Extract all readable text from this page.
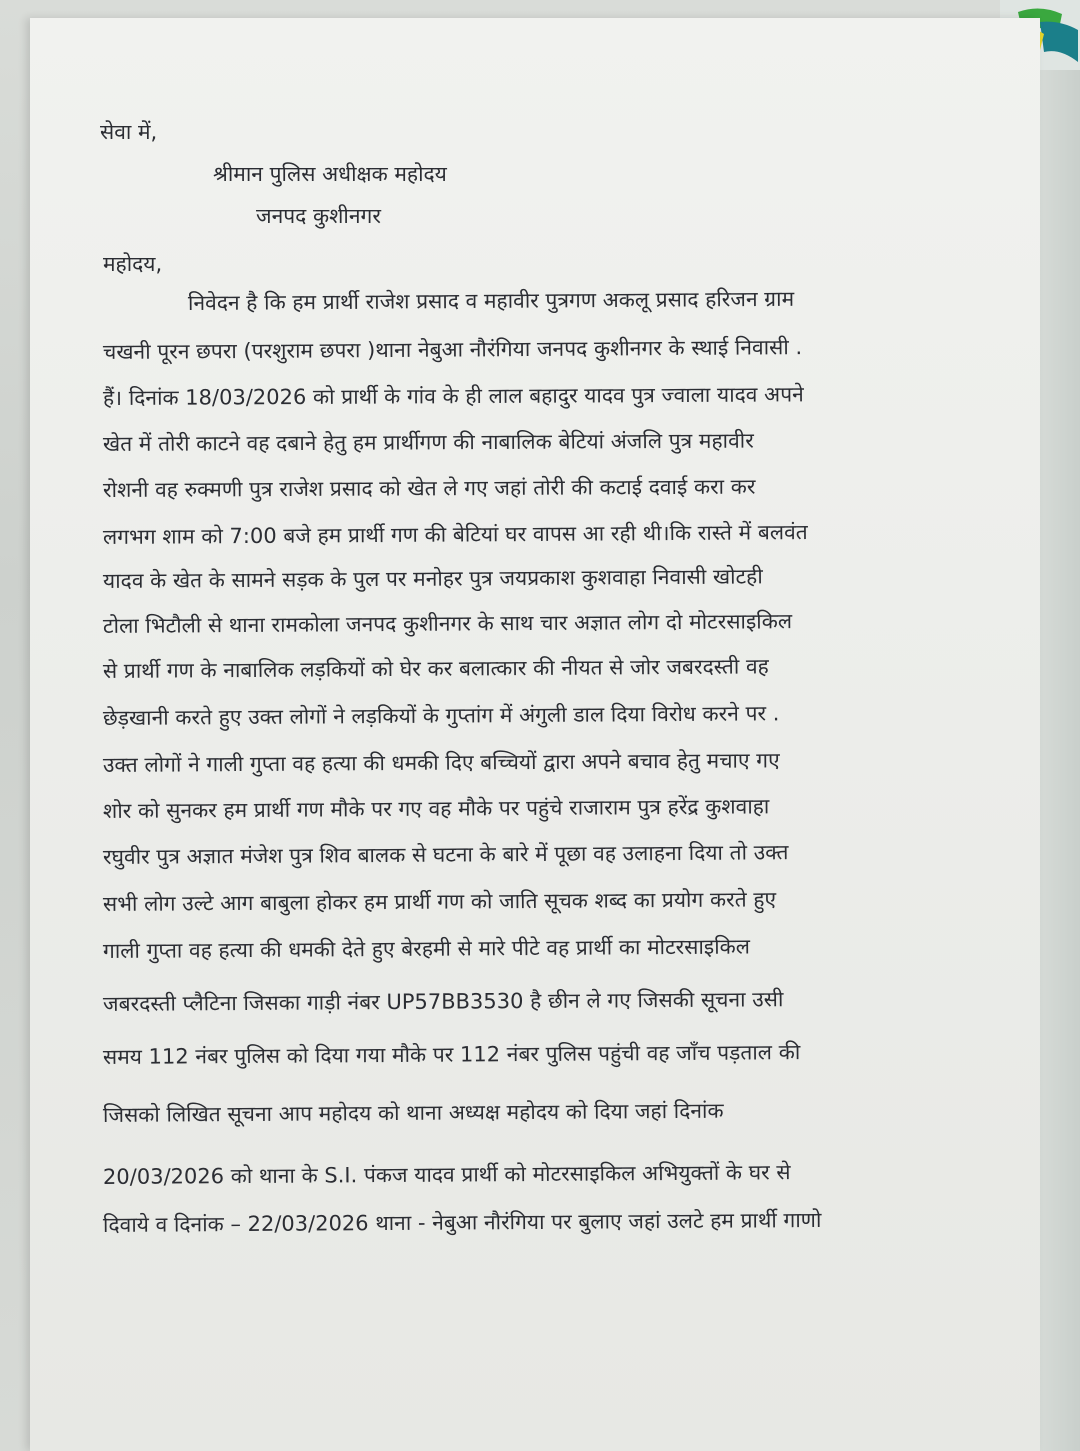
सेवा में,
श्रीमान पुलिस अधीक्षक महोदय
जनपद कुशीनगर
महोदय,
निवेदन है कि हम प्रार्थी राजेश प्रसाद व महावीर पुत्रगण अकलू प्रसाद हरिजन ग्राम
चखनी पूरन छपरा (परशुराम छपरा )थाना नेबुआ नौरंगिया जनपद कुशीनगर के स्थाई निवासी .
हैं। दिनांक 18/03/2026 को प्रार्थी के गांव के ही लाल बहादुर यादव पुत्र ज्वाला यादव अपने
खेत में तोरी काटने वह दबाने हेतु हम प्रार्थीगण की नाबालिक बेटियां अंजलि पुत्र महावीर
रोशनी वह रुक्मणी पुत्र राजेश प्रसाद को खेत ले गए जहां तोरी की कटाई दवाई करा कर
लगभग शाम को 7:00 बजे हम प्रार्थी गण की बेटियां घर वापस आ रही थी।कि रास्ते में बलवंत
यादव के खेत के सामने सड़क के पुल पर मनोहर पुत्र जयप्रकाश कुशवाहा निवासी खोटही
टोला भिटौली से थाना रामकोला जनपद कुशीनगर के साथ चार अज्ञात लोग दो मोटरसाइकिल
से प्रार्थी गण के नाबालिक लड़कियों को घेर कर बलात्कार की नीयत से जोर जबरदस्ती वह
छेड़खानी करते हुए उक्त लोगों ने लड़कियों के गुप्तांग में अंगुली डाल दिया विरोध करने पर .
उक्त लोगों ने गाली गुप्ता वह हत्या की धमकी दिए बच्चियों द्वारा अपने बचाव हेतु मचाए गए
शोर को सुनकर हम प्रार्थी गण मौके पर गए वह मौके पर पहुंचे राजाराम पुत्र हरेंद्र कुशवाहा
रघुवीर पुत्र अज्ञात मंजेश पुत्र शिव बालक से घटना के बारे में पूछा वह उलाहना दिया तो उक्त
सभी लोग उल्टे आग बाबुला होकर हम प्रार्थी गण को जाति सूचक शब्द का प्रयोग करते हुए
गाली गुप्ता वह हत्या की धमकी देते हुए बेरहमी से मारे पीटे वह प्रार्थी का मोटरसाइकिल
जबरदस्ती प्लैटिना जिसका गाड़ी नंबर UP57BB3530 है छीन ले गए जिसकी सूचना उसी
समय 112 नंबर पुलिस को दिया गया मौके पर 112 नंबर पुलिस पहुंची वह जाँच पड़ताल की
जिसको लिखित सूचना आप महोदय को थाना अध्यक्ष महोदय को दिया जहां दिनांक
20/03/2026 को थाना के S.I. पंकज यादव प्रार्थी को मोटरसाइकिल अभियुक्तों के घर से
दिवाये व दिनांक – 22/03/2026 थाना - नेबुआ नौरंगिया पर बुलाए जहां उलटे हम प्रार्थी गाणो
